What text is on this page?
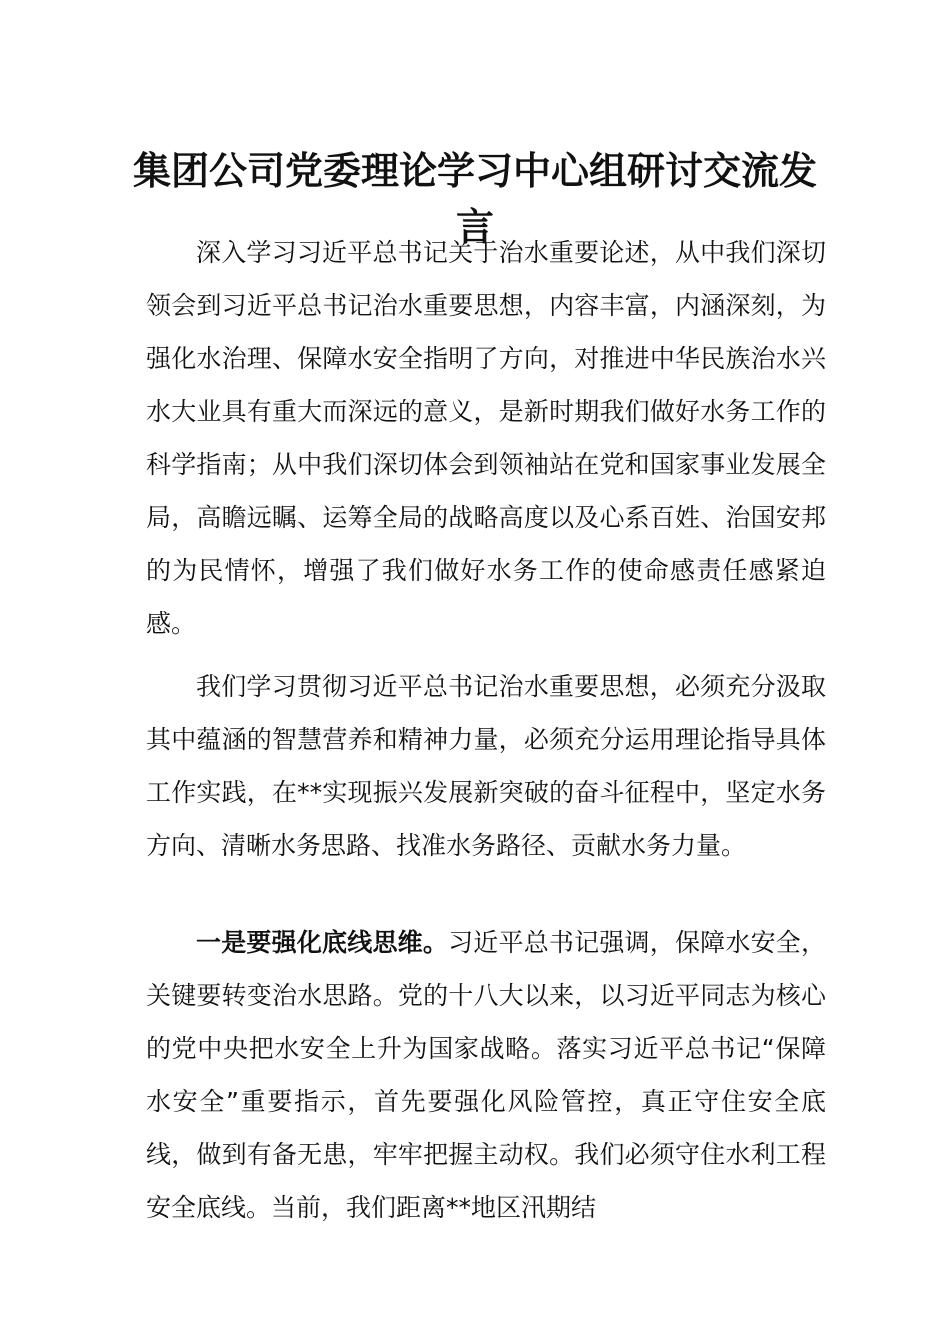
集团公司党委理论学习中心组研讨交流发言

深入学习习近平总书记关于治水重要论述，从中我们深切领会到习近平总书记治水重要思想，内容丰富，内涵深刻，为强化水治理、保障水安全指明了方向，对推进中华民族治水兴水大业具有重大而深远的意义，是新时期我们做好水务工作的科学指南；从中我们深切体会到领袖站在党和国家事业发展全局，高瞻远瞩、运筹全局的战略高度以及心系百姓、治国安邦的为民情怀，增强了我们做好水务工作的使命感责任感紧迫感。

我们学习贯彻习近平总书记治水重要思想，必须充分汲取其中蕴涵的智慧营养和精神力量，必须充分运用理论指导具体工作实践，在**实现振兴发展新突破的奋斗征程中，坚定水务方向、清晰水务思路、找准水务路径、贡献水务力量。

一是要强化底线思维。习近平总书记强调，保障水安全，关键要转变治水思路。党的十八大以来，以习近平同志为核心的党中央把水安全上升为国家战略。落实习近平总书记“保障水安全”重要指示，首先要强化风险管控，真正守住安全底线，做到有备无患，牢牢把握主动权。我们必须守住水利工程安全底线。当前，我们距离**地区汛期结
